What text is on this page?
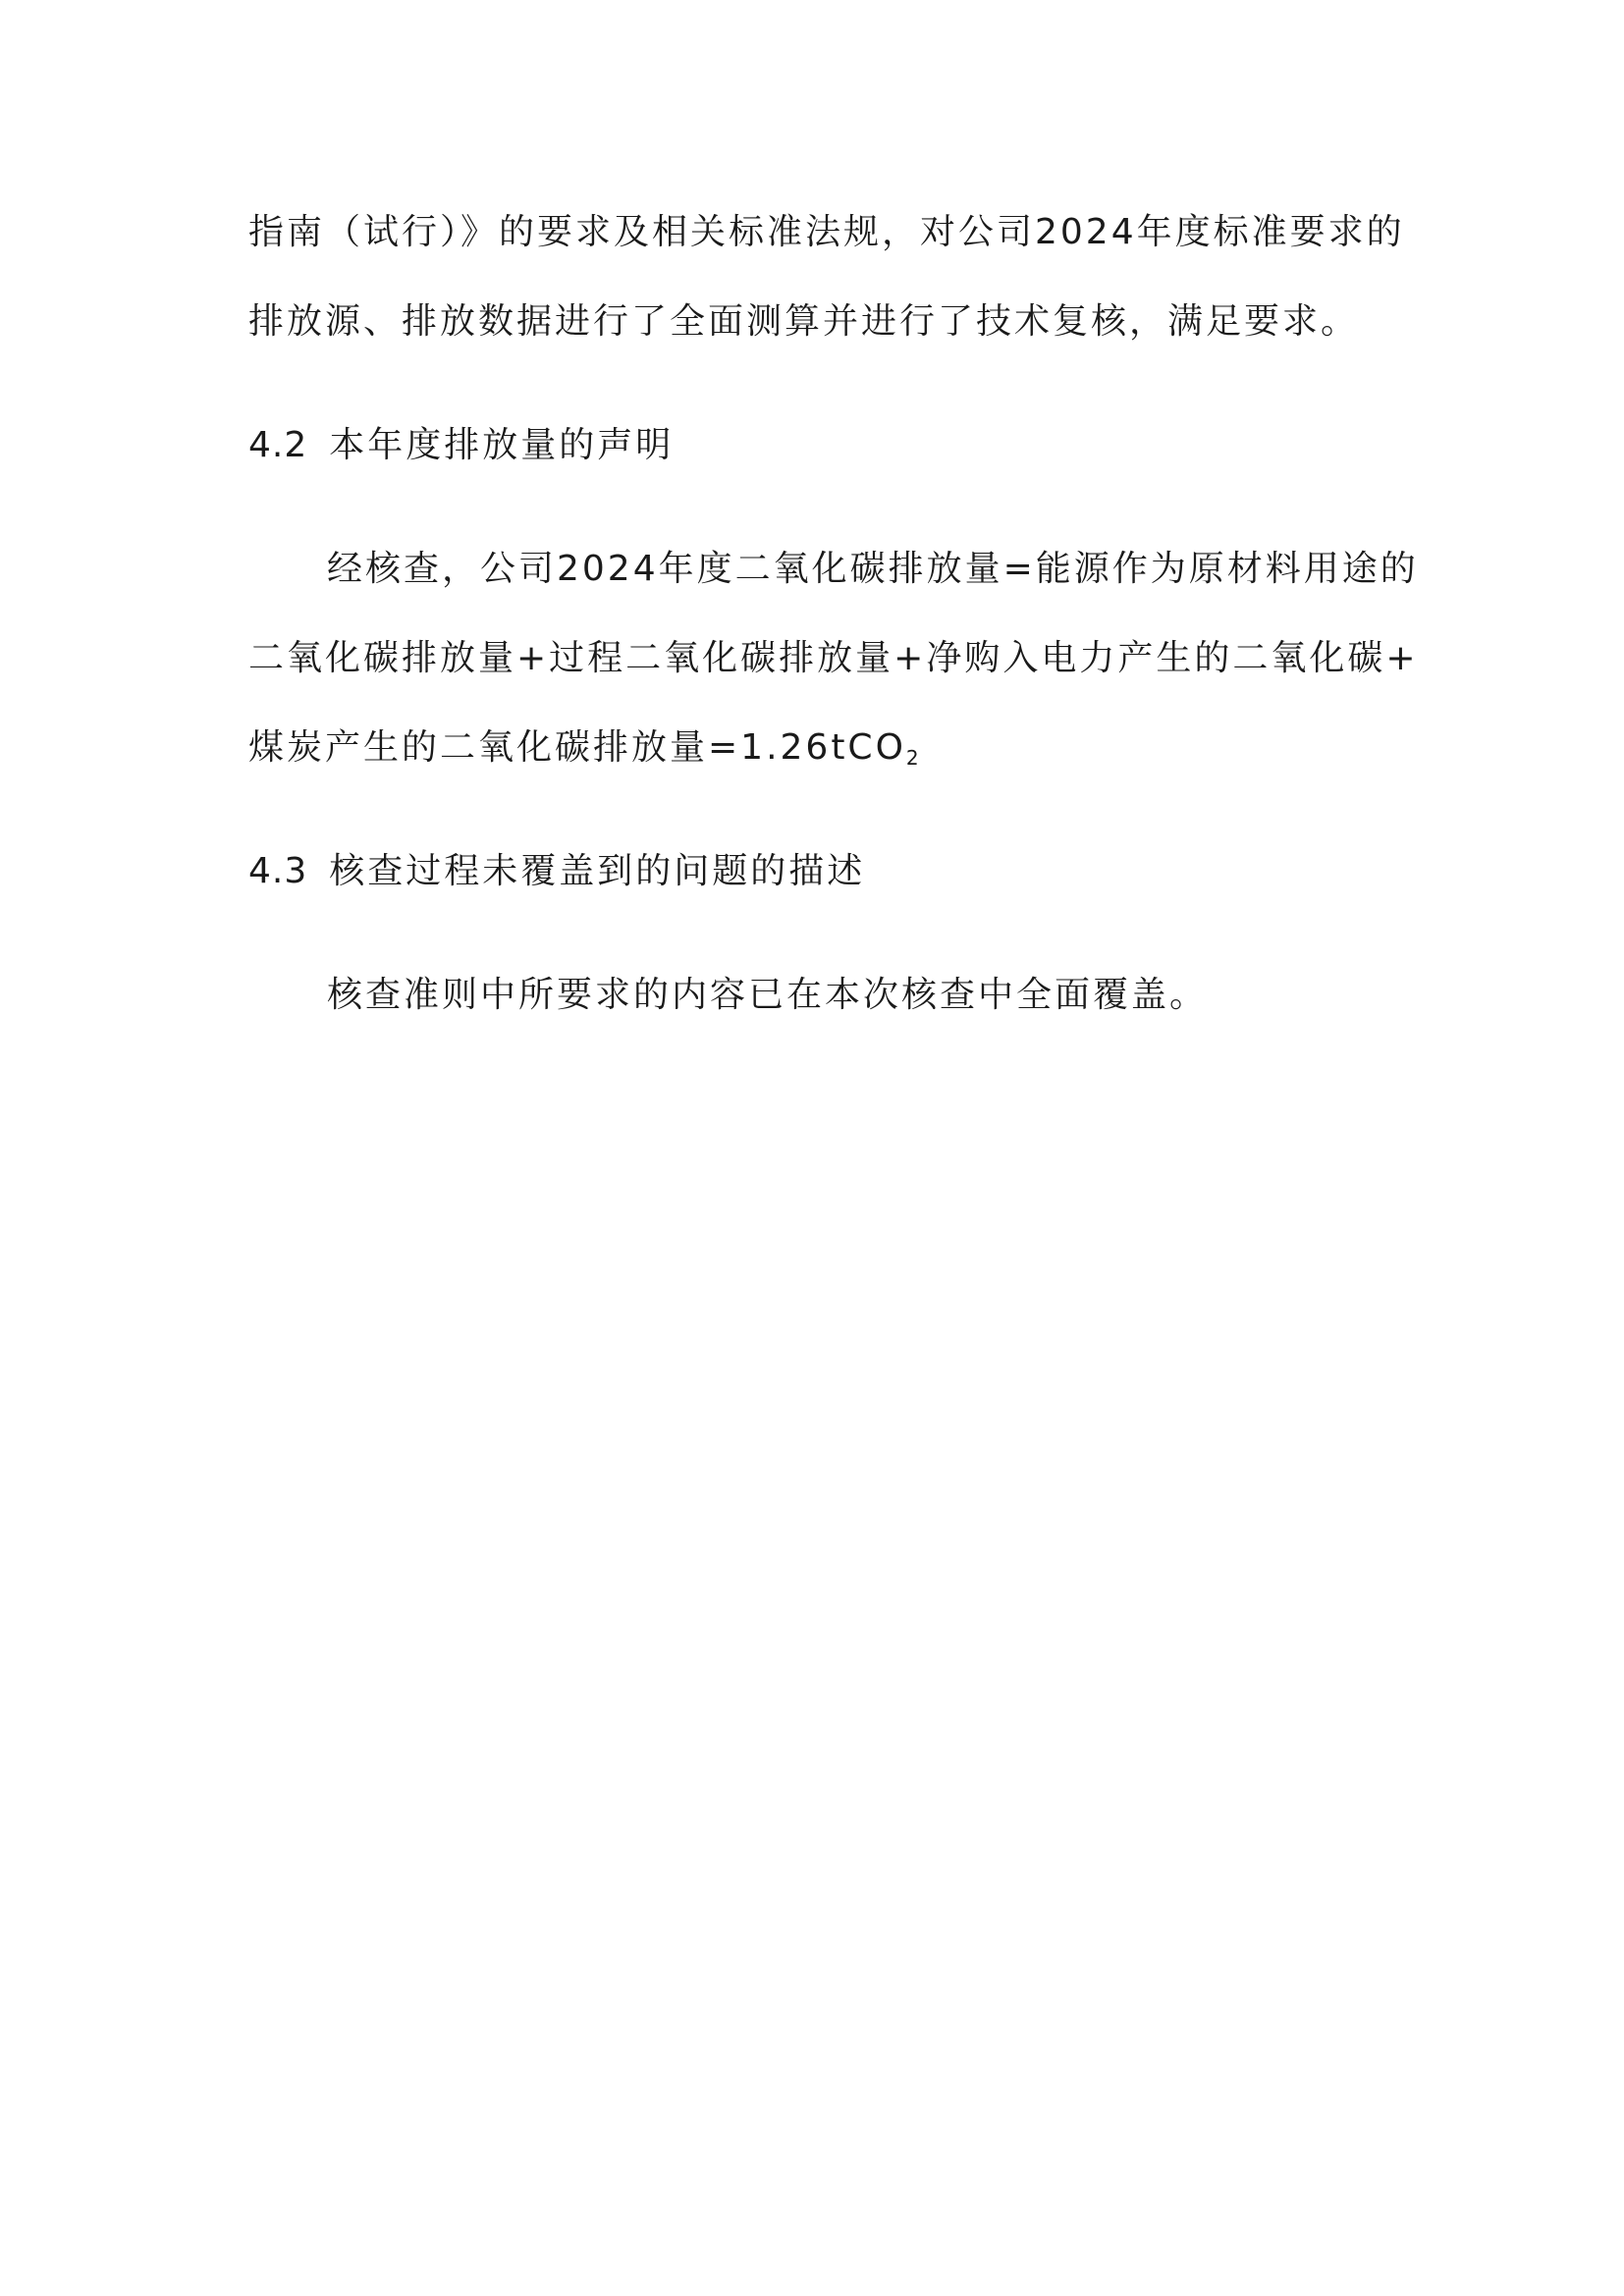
指南（试行）》的要求及相关标准法规，对公司2024年度标准要求的
排放源、排放数据进行了全面测算并进行了技术复核，满足要求。
4.2 本年度排放量的声明
经核查，公司2024年度二氧化碳排放量=能源作为原材料用途的
二氧化碳排放量+过程二氧化碳排放量+净购入电力产生的二氧化碳+
煤炭产生的二氧化碳排放量=1.26tCO$_2$
4.3 核查过程未覆盖到的问题的描述
核查准则中所要求的内容已在本次核查中全面覆盖。
